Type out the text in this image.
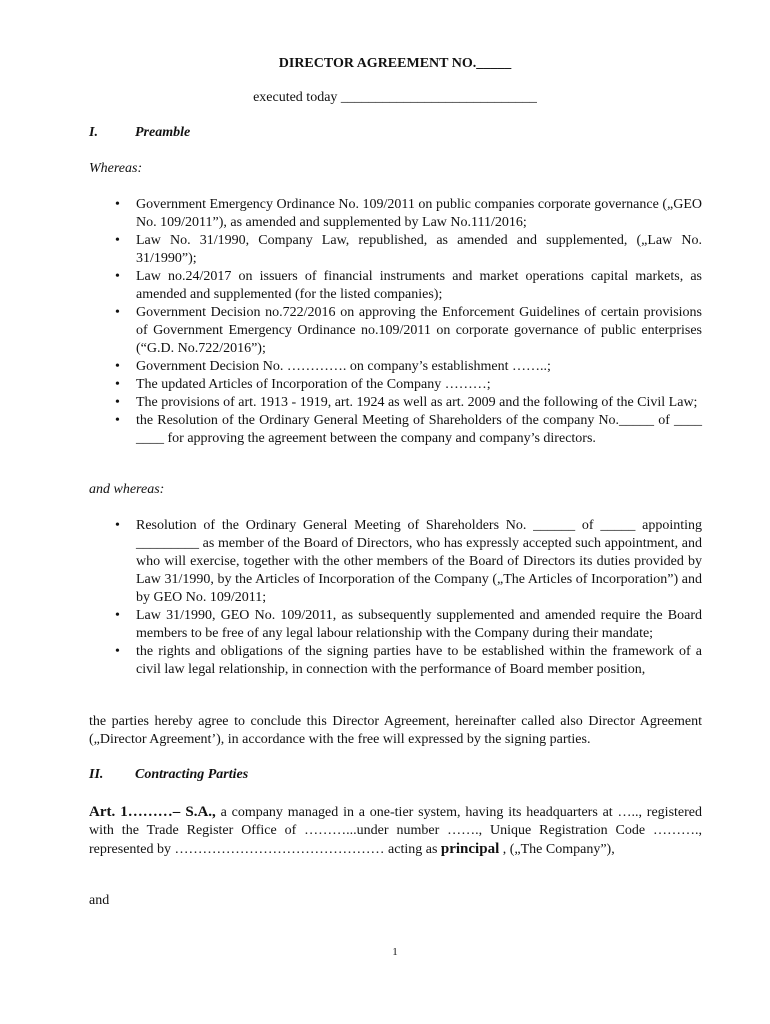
DIRECTOR AGREEMENT NO._____
executed today ____________________________
I.	Preamble
Whereas:
• Government Emergency Ordinance No. 109/2011 on public companies corporate governance („GEO No. 109/2011”), as amended and supplemented by Law No.111/2016;
• Law No. 31/1990, Company Law, republished, as amended and supplemented, („Law No. 31/1990”);
• Law no.24/2017 on issuers of financial instruments and market operations capital markets, as amended and supplemented (for the listed companies);
• Government Decision no.722/2016 on approving the Enforcement Guidelines of certain provisions of Government Emergency Ordinance no.109/2011 on corporate governance of public enterprises (“G.D. No.722/2016”);
• Government Decision No. …………. on company’s establishment ……..;
• The updated Articles of Incorporation of the Company ………;
• The provisions of art. 1913 - 1919, art. 1924 as well as art. 2009 and the following of the Civil Law;
• the Resolution of the Ordinary General Meeting of Shareholders of the company No._____ of ____ ____ for approving the agreement between the company and company’s directors.
and whereas:
• Resolution of the Ordinary General Meeting of Shareholders No. ______ of _____ appointing _________ as member of the Board of Directors, who has expressly accepted such appointment, and who will exercise, together with the other members of the Board of Directors its duties provided by Law 31/1990, by the Articles of Incorporation of the Company („The Articles of Incorporation”) and by GEO No. 109/2011;
• Law 31/1990, GEO No. 109/2011, as subsequently supplemented and amended require the Board members to be free of any legal labour relationship with the Company during their mandate;
• the rights and obligations of the signing parties have to be established within the framework of a civil law legal relationship, in connection with the performance of Board member position,
the parties hereby agree to conclude this Director Agreement, hereinafter called also Director Agreement („Director Agreement’), in accordance with the free will expressed by the signing parties.
II. Contracting Parties
Art. 1………– S.A., a company managed in a one-tier system, having its headquarters at ….., registered with the Trade Register Office of ………...under number ……., Unique Registration Code ………., represented by ……………………………………… acting as principal , („The Company”),
and
1
